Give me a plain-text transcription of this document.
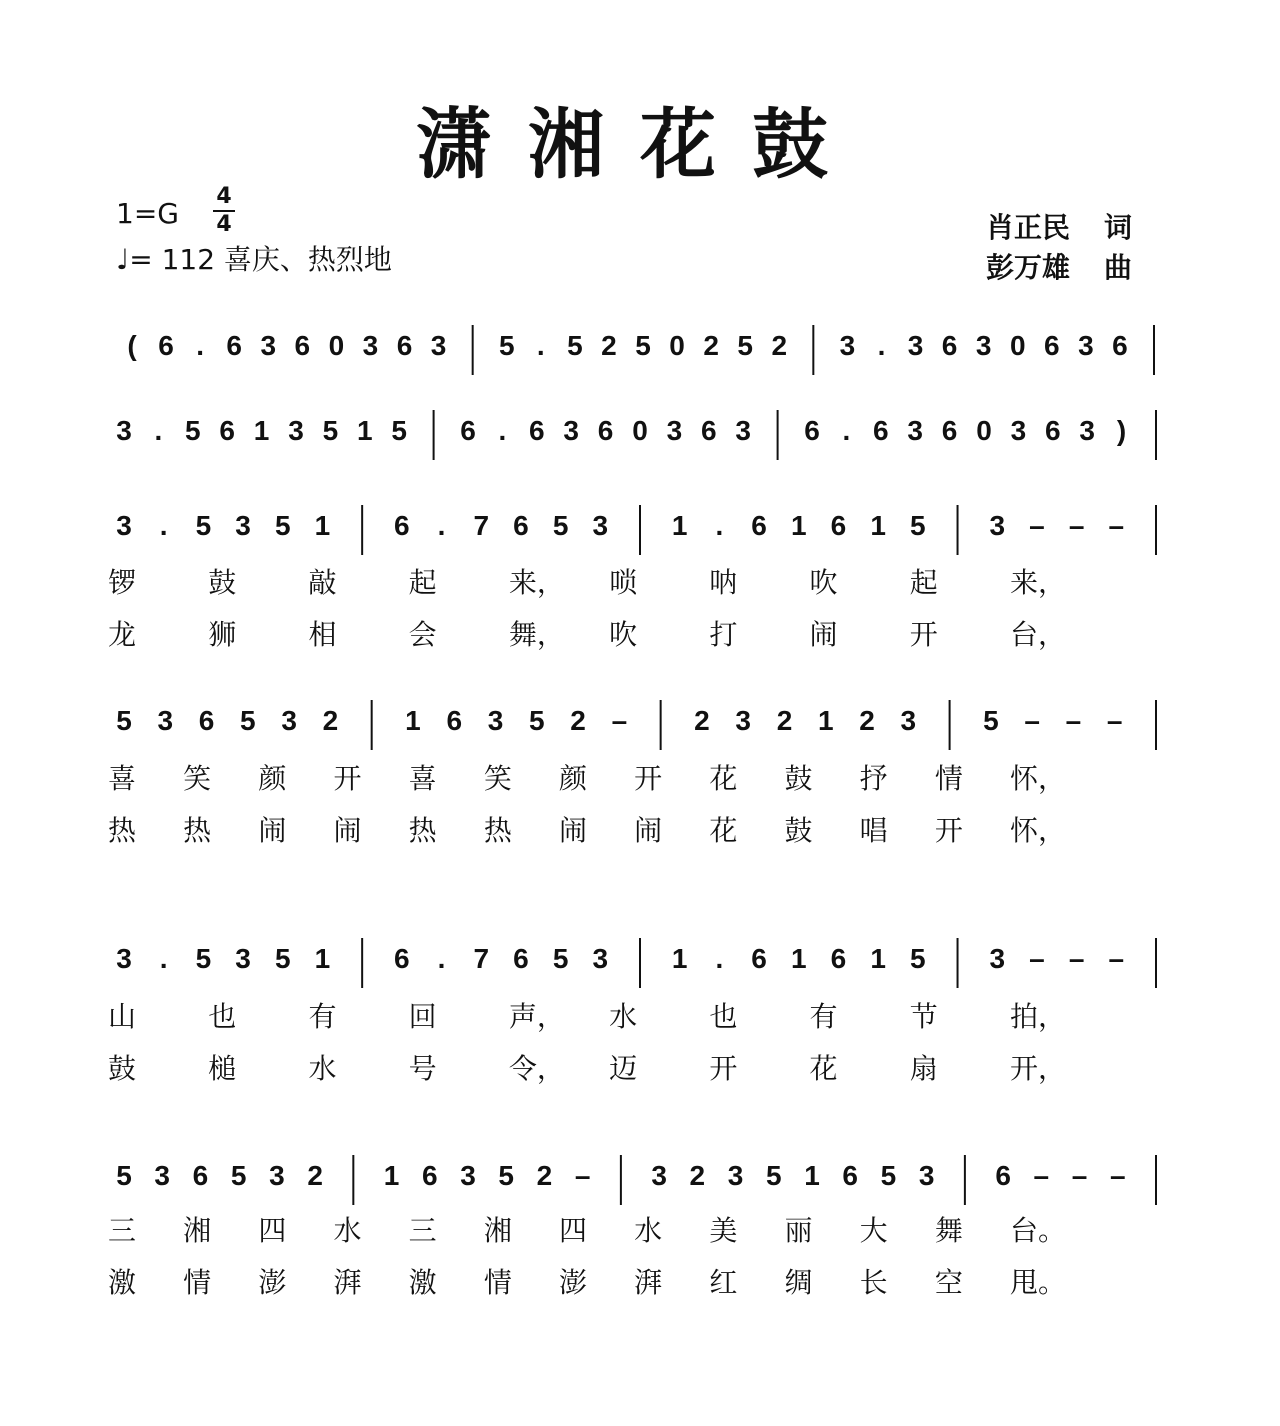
潇湘花鼓
1=G
4
4
♩= 112 喜庆、热烈地
肖正民 词
彭万雄 曲
( 6 . 6 3 6 0 3 6 3 5 . 5 2 5 0 2 5 2 3 . 3 6 3 0 6 3 6
3 . 5 6 1 3 5 1 5 6 . 6 3 6 0 3 6 3 6 . 6 3 6 0 3 6 3 )
3 . 5 3 5 1 6 . 7 6 5 3 1 . 6 1 6 1 5 3 – – –
5 3 6 5 3 2 1 6 3 5 2 – 2 3 2 1 2 3 5 – – –
3 . 5 3 5 1 6 . 7 6 5 3 1 . 6 1 6 1 5 3 – – –
5 3 6 5 3 2 1 6 3 5 2 – 3 2 3 5 1 6 5 3 6 – – –
锣	鼓	敲	起	来， 唢	呐	吹	起	来，
龙	狮	相	会	舞， 吹	打	闹	开	台，
喜 笑 颜 开 喜 笑 颜 开 花 鼓 抒 情 怀，
热 热 闹 闹 热 热 闹 闹 花 鼓 唱 开 怀，
山	也	有	回	声， 水	也	有	节	拍，
鼓	槌	水	号	令， 迈	开	花	扇	开，
三 湘 四 水 三 湘 四 水 美 丽 大 舞 台。
激 情 澎 湃 激 情 澎 湃 红 绸 长 空 甩。
